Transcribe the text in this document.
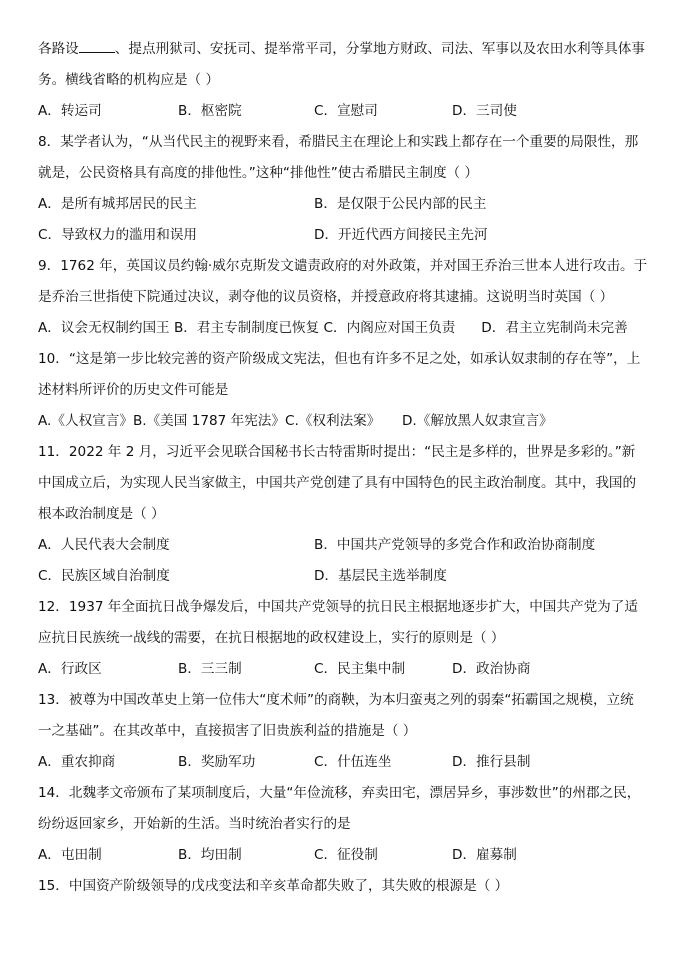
各路设	、提点刑狱司、安抚司、提举常平司，分掌地方财政、司法、军事以及农田水利等具体事
务。横线省略的机构应是（ ）
A．转运司	B．枢密院	C．宣慰司	D．三司使
8．某学者认为，“从当代民主的视野来看，希腊民主在理论上和实践上都存在一个重要的局限性，那
就是，公民资格具有高度的排他性。”这种“排他性”使古希腊民主制度（ ）
A．是所有城邦居民的民主	B．是仅限于公民内部的民主
C．导致权力的滥用和误用	D．开近代西方间接民主先河
9．1762 年，英国议员约翰·威尔克斯发文谴责政府的对外政策，并对国王乔治三世本人进行攻击。于
是乔治三世指使下院通过决议，剥夺他的议员资格，并授意政府将其逮捕。这说明当时英国（ ）
A．议会无权制约国王 B．君主专制制度已恢复 C．内阁应对国王负责      D．君主立宪制尚未完善
10．“这是第一步比较完善的资产阶级成文宪法，但也有许多不足之处，如承认奴隶制的存在等”，上
述材料所评价的历史文件可能是
A.《人权宣言》B.《美国 1787 年宪法》C.《权利法案》     D.《解放黑人奴隶宣言》
11．2022 年 2 月，习近平会见联合国秘书长古特雷斯时提出：“民主是多样的，世界是多彩的。”新
中国成立后，为实现人民当家做主，中国共产党创建了具有中国特色的民主政治制度。其中，我国的
根本政治制度是（ ）
A．人民代表大会制度	B．中国共产党领导的多党合作和政治协商制度
C．民族区域自治制度	D．基层民主选举制度
12．1937 年全面抗日战争爆发后，中国共产党领导的抗日民主根据地逐步扩大，中国共产党为了适
应抗日民族统一战线的需要，在抗日根据地的政权建设上，实行的原则是（ ）
A．行政区	B．三三制	C．民主集中制	D．政治协商
13．被尊为中国改革史上第一位伟大“度术师”的商鞅，为本归蛮夷之列的弱秦“拓霸国之规模，立统
一之基础”。在其改革中，直接损害了旧贵族利益的措施是（ ）
A．重农抑商	B．奖励军功	C．什伍连坐	D．推行县制
14．北魏孝文帝颁布了某项制度后，大量“年俭流移，弃卖田宅，漂居异乡，事涉数世”的州郡之民，
纷纷返回家乡，开始新的生活。当时统治者实行的是
A．屯田制	B．均田制	C．征役制	D．雇募制
15．中国资产阶级领导的戊戌变法和辛亥革命都失败了，其失败的根源是（ ）
